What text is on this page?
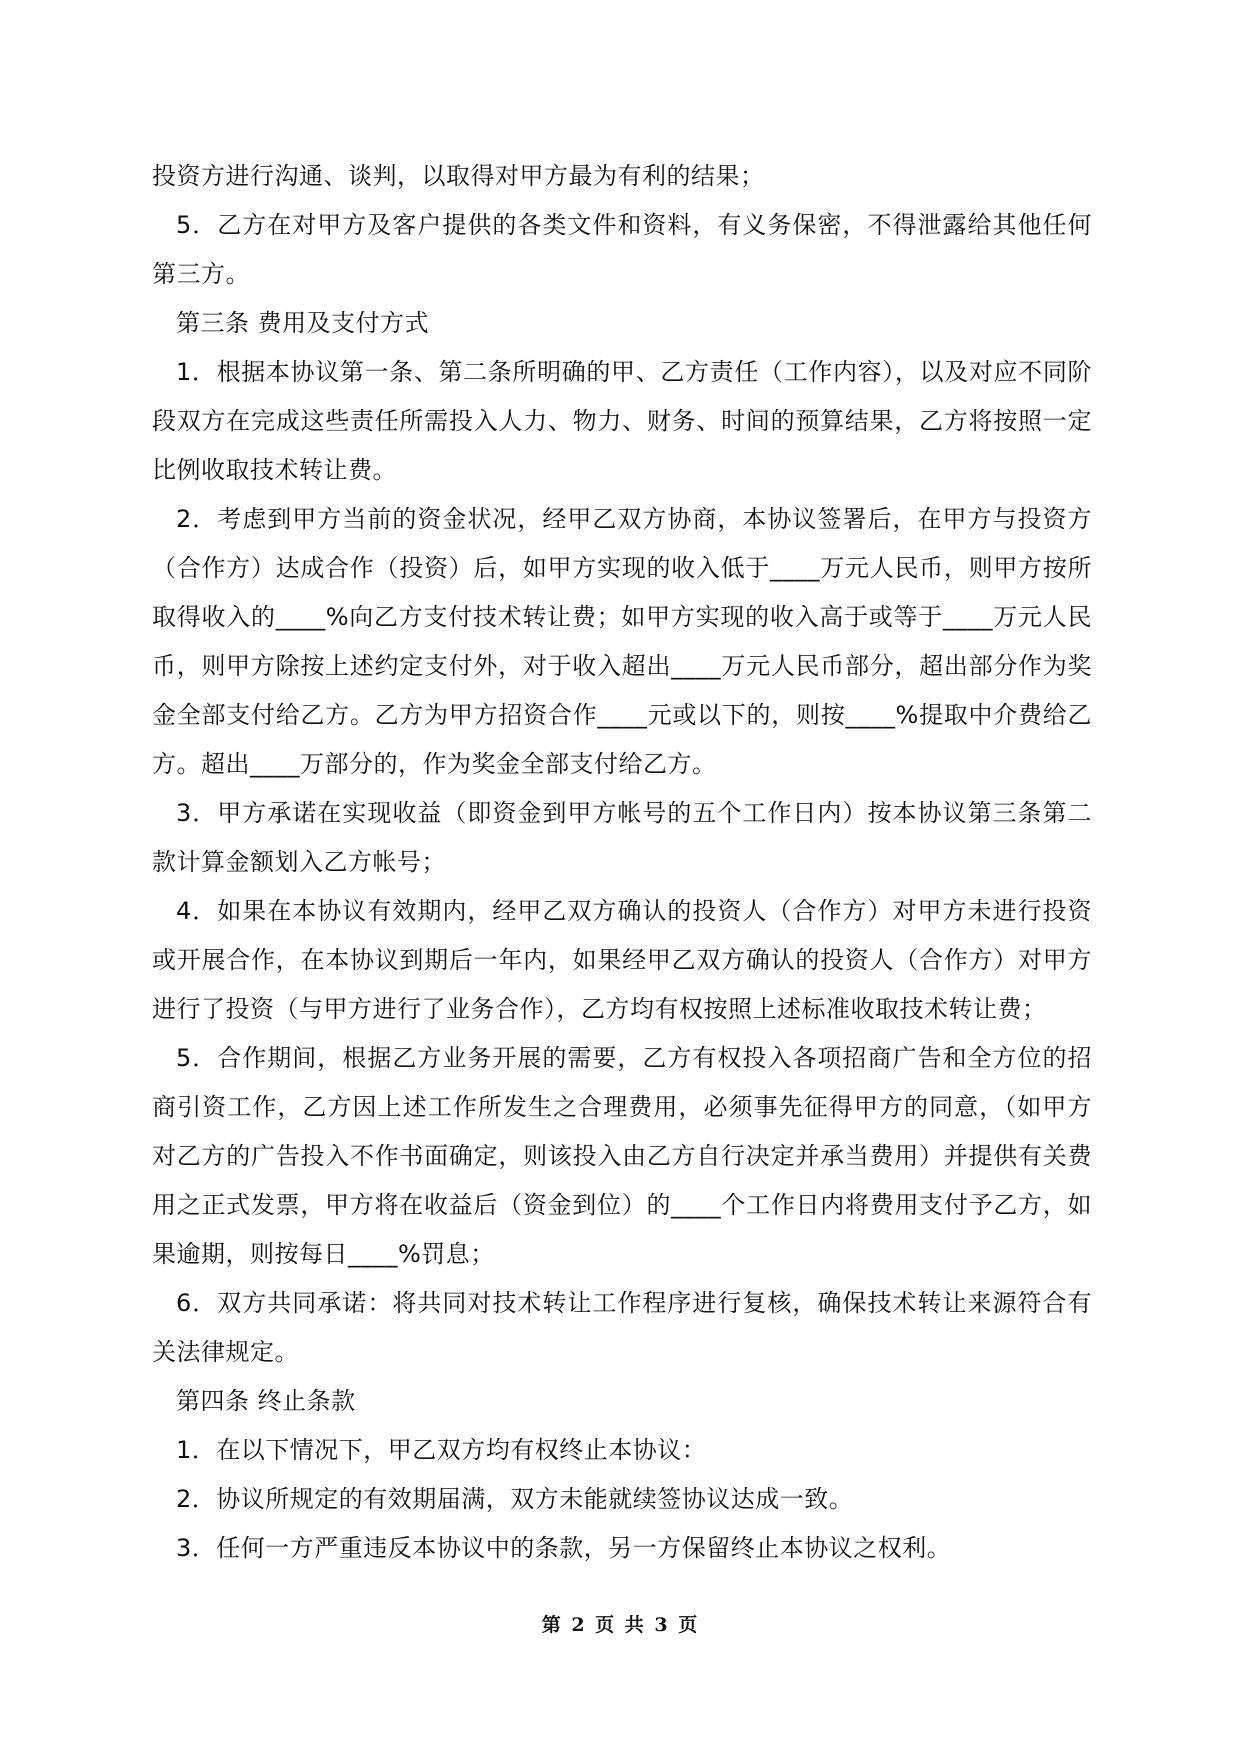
投资方进行沟通、谈判，以取得对甲方最为有利的结果；

5．乙方在对甲方及客户提供的各类文件和资料，有义务保密，不得泄露给其他任何第三方。

第三条 费用及支付方式

1．根据本协议第一条、第二条所明确的甲、乙方责任（工作内容），以及对应不同阶段双方在完成这些责任所需投入人力、物力、财务、时间的预算结果，乙方将按照一定比例收取技术转让费。

2．考虑到甲方当前的资金状况，经甲乙双方协商，本协议签署后，在甲方与投资方（合作方）达成合作（投资）后，如甲方实现的收入低于____万元人民币，则甲方按所取得收入的____%向乙方支付技术转让费；如甲方实现的收入高于或等于____万元人民币，则甲方除按上述约定支付外，对于收入超出____万元人民币部分，超出部分作为奖金全部支付给乙方。乙方为甲方招资合作____元或以下的，则按____%提取中介费给乙方。超出____万部分的，作为奖金全部支付给乙方。

3．甲方承诺在实现收益（即资金到甲方帐号的五个工作日内）按本协议第三条第二款计算金额划入乙方帐号；

4．如果在本协议有效期内，经甲乙双方确认的投资人（合作方）对甲方未进行投资或开展合作，在本协议到期后一年内，如果经甲乙双方确认的投资人（合作方）对甲方进行了投资（与甲方进行了业务合作），乙方均有权按照上述标准收取技术转让费；

5．合作期间，根据乙方业务开展的需要，乙方有权投入各项招商广告和全方位的招商引资工作，乙方因上述工作所发生之合理费用，必须事先征得甲方的同意，（如甲方对乙方的广告投入不作书面确定，则该投入由乙方自行决定并承当费用）并提供有关费用之正式发票，甲方将在收益后（资金到位）的____个工作日内将费用支付予乙方，如果逾期，则按每日____%罚息；

6．双方共同承诺：将共同对技术转让工作程序进行复核，确保技术转让来源符合有关法律规定。

第四条 终止条款

1．在以下情况下，甲乙双方均有权终止本协议：

2．协议所规定的有效期届满，双方未能就续签协议达成一致。

3．任何一方严重违反本协议中的条款，另一方保留终止本协议之权利。

第 2 页 共 3 页
